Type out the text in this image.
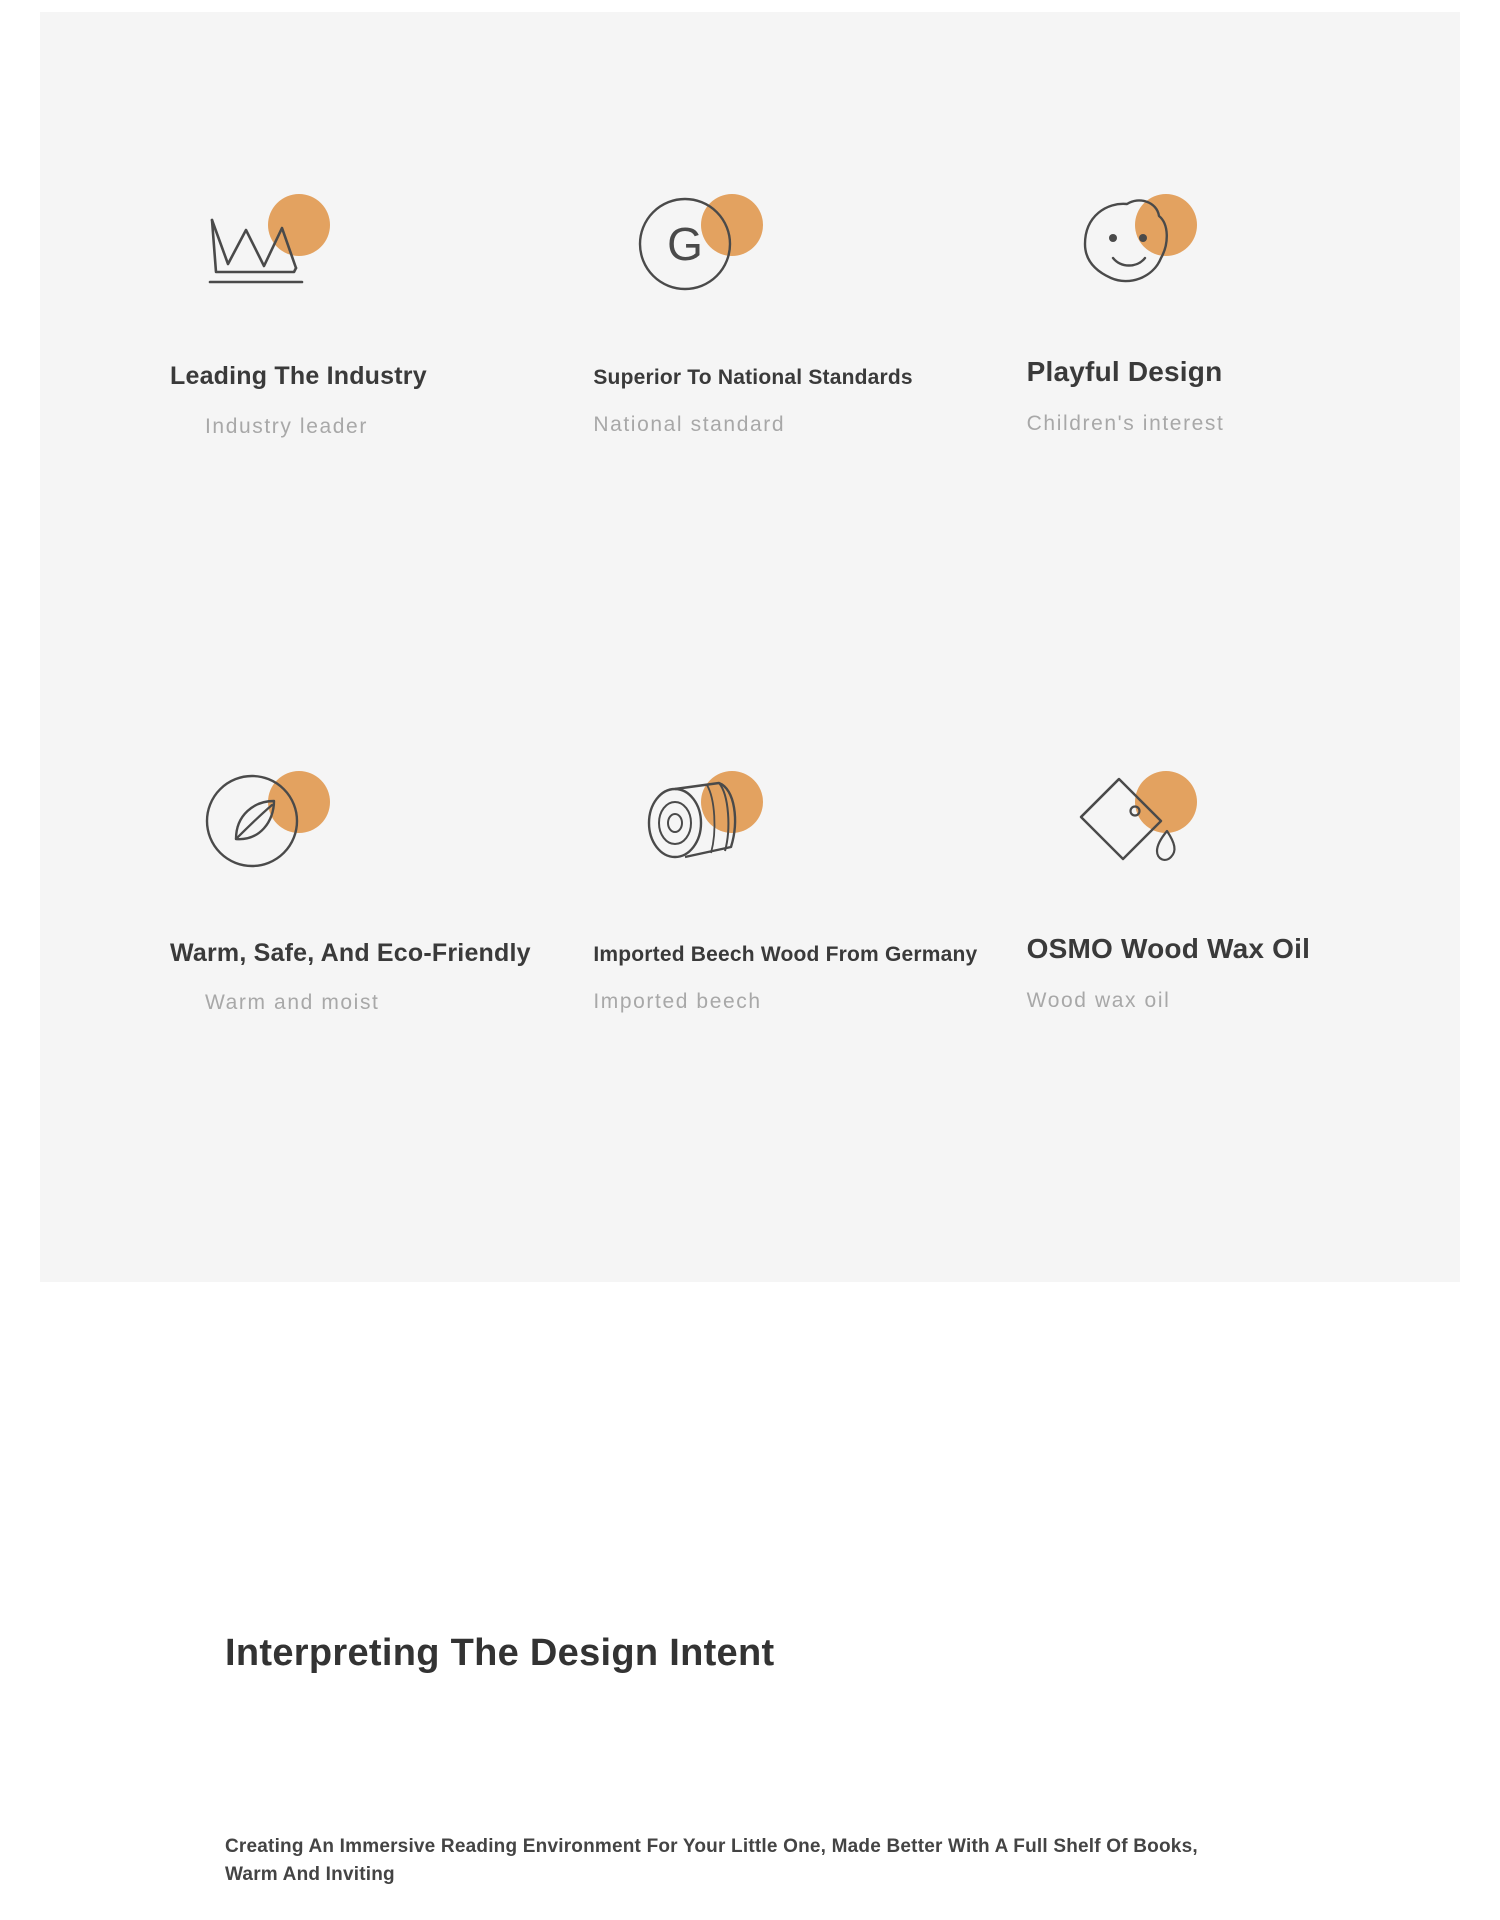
Leading The Industry
Industry leader
G
Superior To National Standards
National standard
Playful Design
Children's interest
Warm, Safe, And Eco-Friendly
Warm and moist
Imported Beech Wood From Germany
Imported beech
OSMO Wood Wax Oil
Wood wax oil
Interpreting The Design Intent
Creating An Immersive Reading Environment For Your Little One, Made Better With A Full Shelf Of Books, Warm And Inviting
